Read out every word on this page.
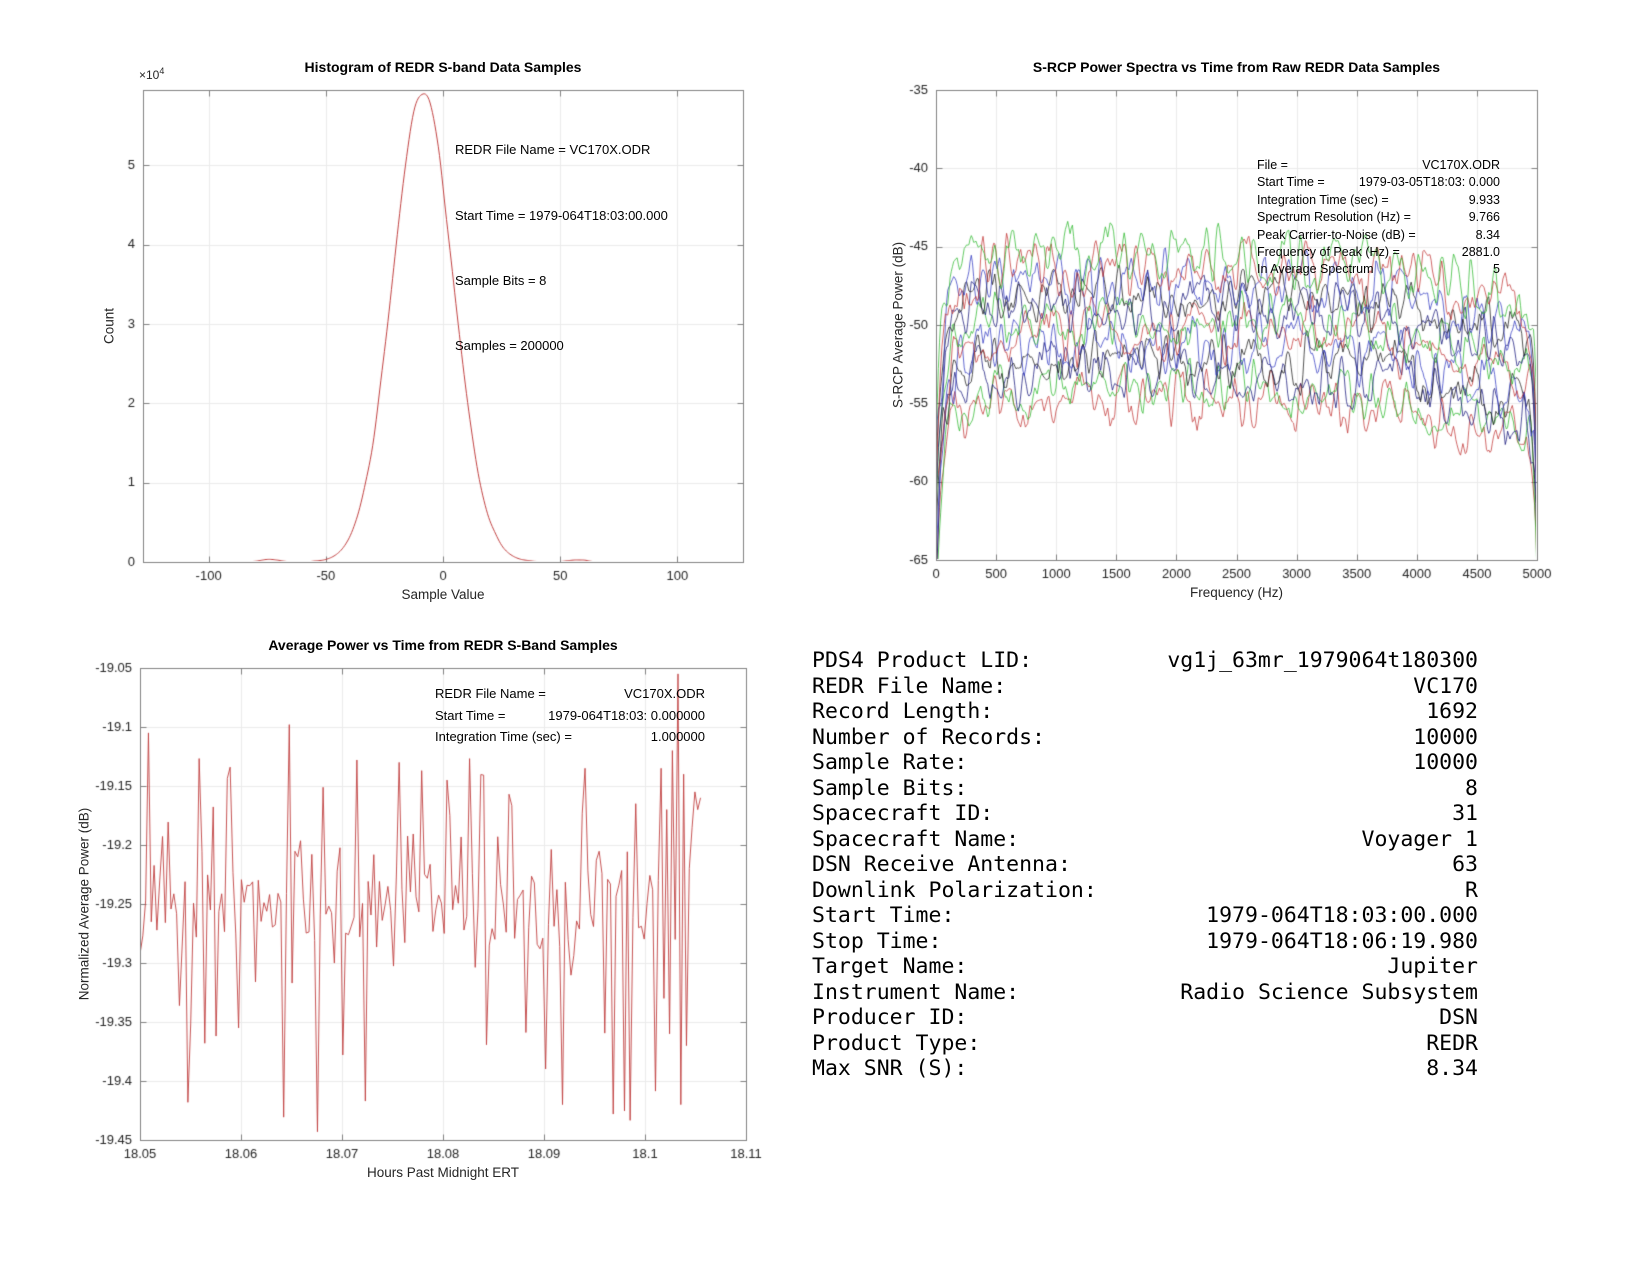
Histogram of REDR S-band Data Samples
$\times 10^4$
Count
Sample Value

REDR File Name = VC170X.ODR

Start Time = 1979-064T18:03:00.000

Sample Bits = 8

Samples = 200000

S-RCP Power Spectra vs Time from Raw REDR Data Samples
S-RCP Average Power (dB)
Frequency (Hz)
File =	VC170X.ODR
Start Time =	1979-03-05T18:03: 0.000
Integration Time (sec) =	9.933
Spectrum Resolution (Hz) =	9.766
Peak Carrier-to-Noise (dB) =	8.34
Frequency of Peak (Hz) =	2881.0
In Average Spectrum	5
Average Power vs Time from REDR S-Band Samples
Normalized Average Power (dB)
Hours Past Midnight ERT
REDR File Name =	VC170X.ODR
Start Time =	1979-064T18:03: 0.000000
Integration Time (sec) =	1.000000
PDS4 Product LID:	vg1j_63mr_1979064t180300
REDR File Name:	VC170
Record Length:	1692
Number of Records:	10000
Sample Rate:	10000
Sample Bits:	8
Spacecraft ID:	31
Spacecraft Name:	Voyager 1
DSN Receive Antenna:	63
Downlink Polarization:	R
Start Time:	1979-064T18:03:00.000
Stop Time:	1979-064T18:06:19.980
Target Name:	Jupiter
Instrument Name:	Radio Science Subsystem
Producer ID:	DSN
Product Type:	REDR
Max SNR (S):	8.34
